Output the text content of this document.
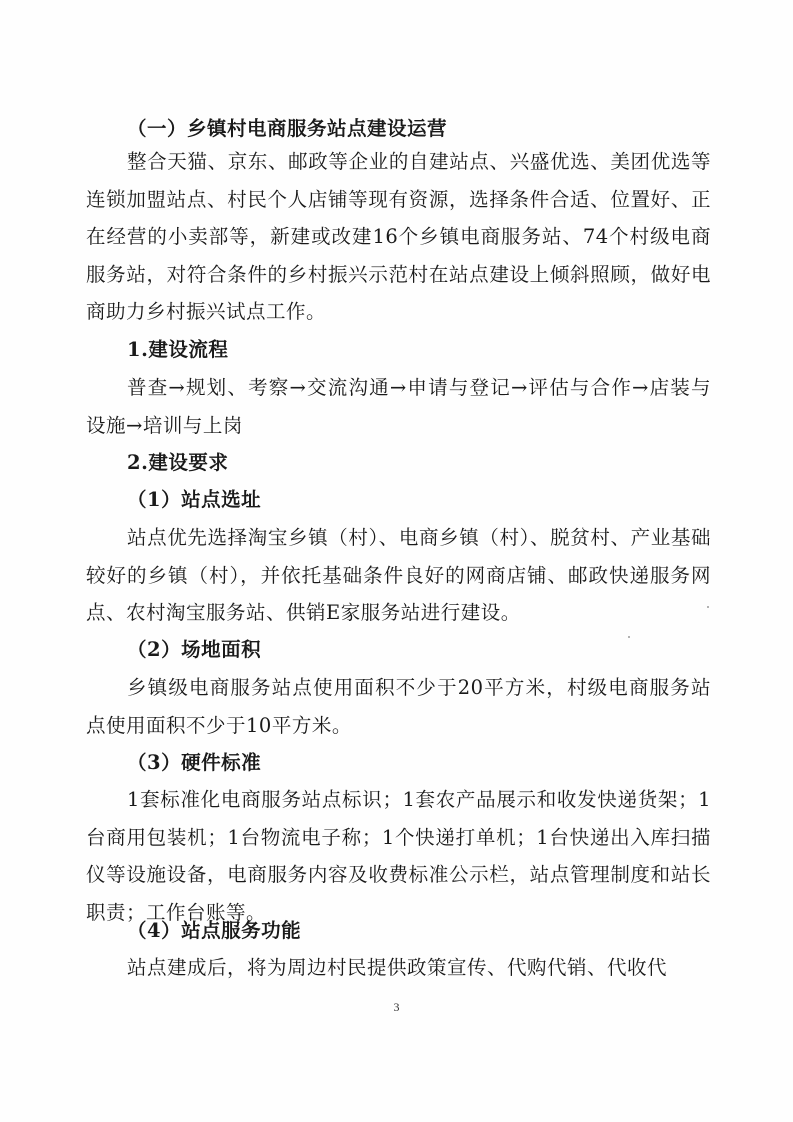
（一）乡镇村电商服务站点建设运营

整合天猫、京东、邮政等企业的自建站点、兴盛优选、美团优选等连锁加盟站点、村民个人店铺等现有资源，选择条件合适、位置好、正在经营的小卖部等，新建或改建16个乡镇电商服务站、74个村级电商服务站，对符合条件的乡村振兴示范村在站点建设上倾斜照顾，做好电商助力乡村振兴试点工作。

1.建设流程

普查→规划、考察→交流沟通→申请与登记→评估与合作→店装与设施→培训与上岗

2.建设要求
（1）站点选址

站点优先选择淘宝乡镇（村）、电商乡镇（村）、脱贫村、产业基础较好的乡镇（村），并依托基础条件良好的网商店铺、邮政快递服务网点、农村淘宝服务站、供销E家服务站进行建设。

（2）场地面积

乡镇级电商服务站点使用面积不少于20平方米，村级电商服务站点使用面积不少于10平方米。

（3）硬件标准

1套标准化电商服务站点标识；1套农产品展示和收发快递货架；1台商用包装机；1台物流电子称；1个快递打单机；1台快递出入库扫描仪等设施设备，电商服务内容及收费标准公示栏，站点管理制度和站长职责；工作台账等。

（4）站点服务功能

站点建成后，将为周边村民提供政策宣传、代购代销、代收代

3
